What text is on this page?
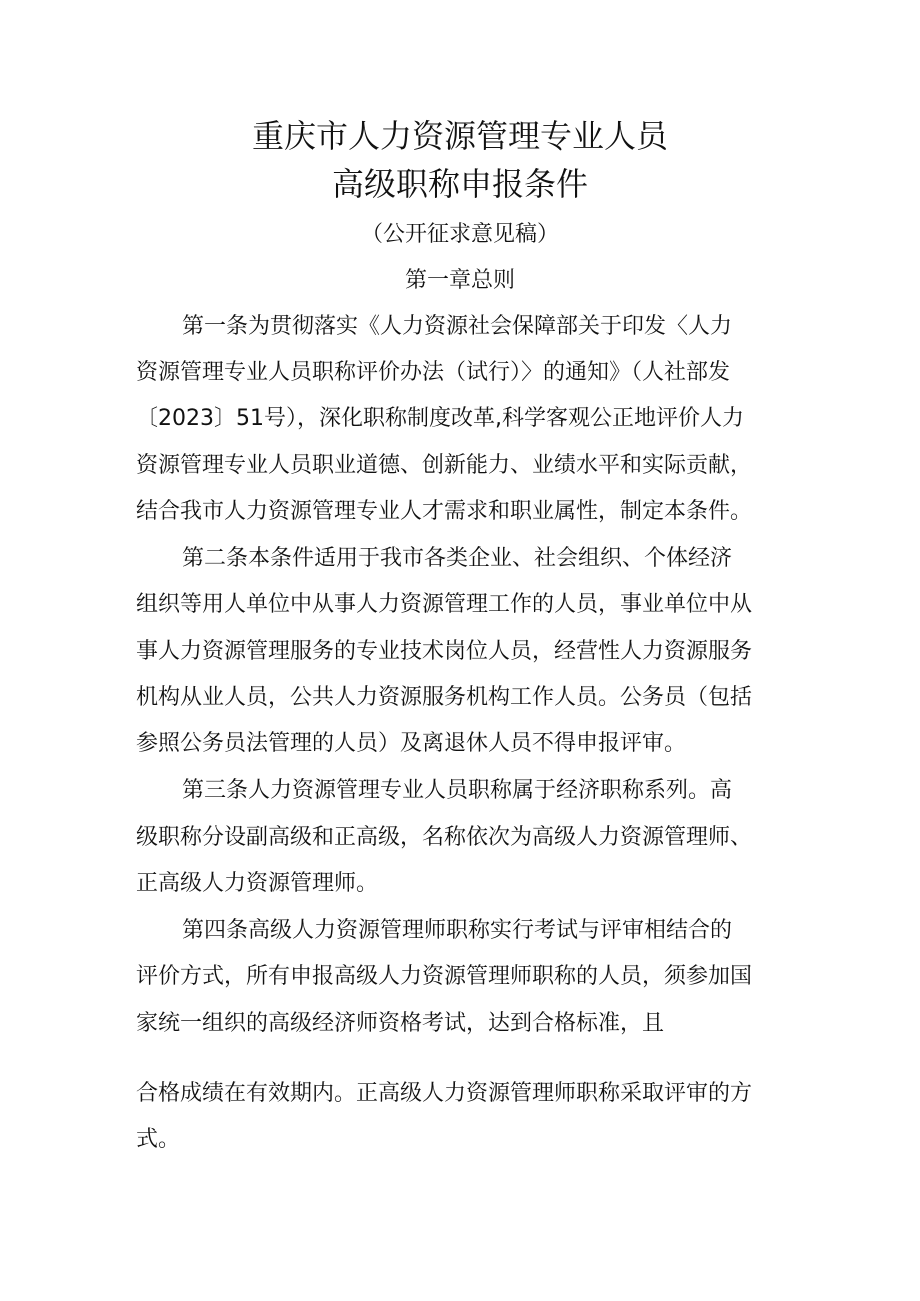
重庆市人力资源管理专业人员
高级职称申报条件
（公开征求意见稿）
第一章总则
第一条为贯彻落实《人力资源社会保障部关于印发〈人力
资源管理专业人员职称评价办法（试行）〉的通知》（人社部发
〔2023〕51号），深化职称制度改革,科学客观公正地评价人力
资源管理专业人员职业道德、创新能力、业绩水平和实际贡献，
结合我市人力资源管理专业人才需求和职业属性，制定本条件。
第二条本条件适用于我市各类企业、社会组织、个体经济
组织等用人单位中从事人力资源管理工作的人员，事业单位中从
事人力资源管理服务的专业技术岗位人员，经营性人力资源服务
机构从业人员，公共人力资源服务机构工作人员。公务员（包括
参照公务员法管理的人员）及离退休人员不得申报评审。
第三条人力资源管理专业人员职称属于经济职称系列。高
级职称分设副高级和正高级，名称依次为高级人力资源管理师、
正高级人力资源管理师。
第四条高级人力资源管理师职称实行考试与评审相结合的
评价方式，所有申报高级人力资源管理师职称的人员，须参加国
家统一组织的高级经济师资格考试，达到合格标准，且
合格成绩在有效期内。正高级人力资源管理师职称采取评审的方
式。
